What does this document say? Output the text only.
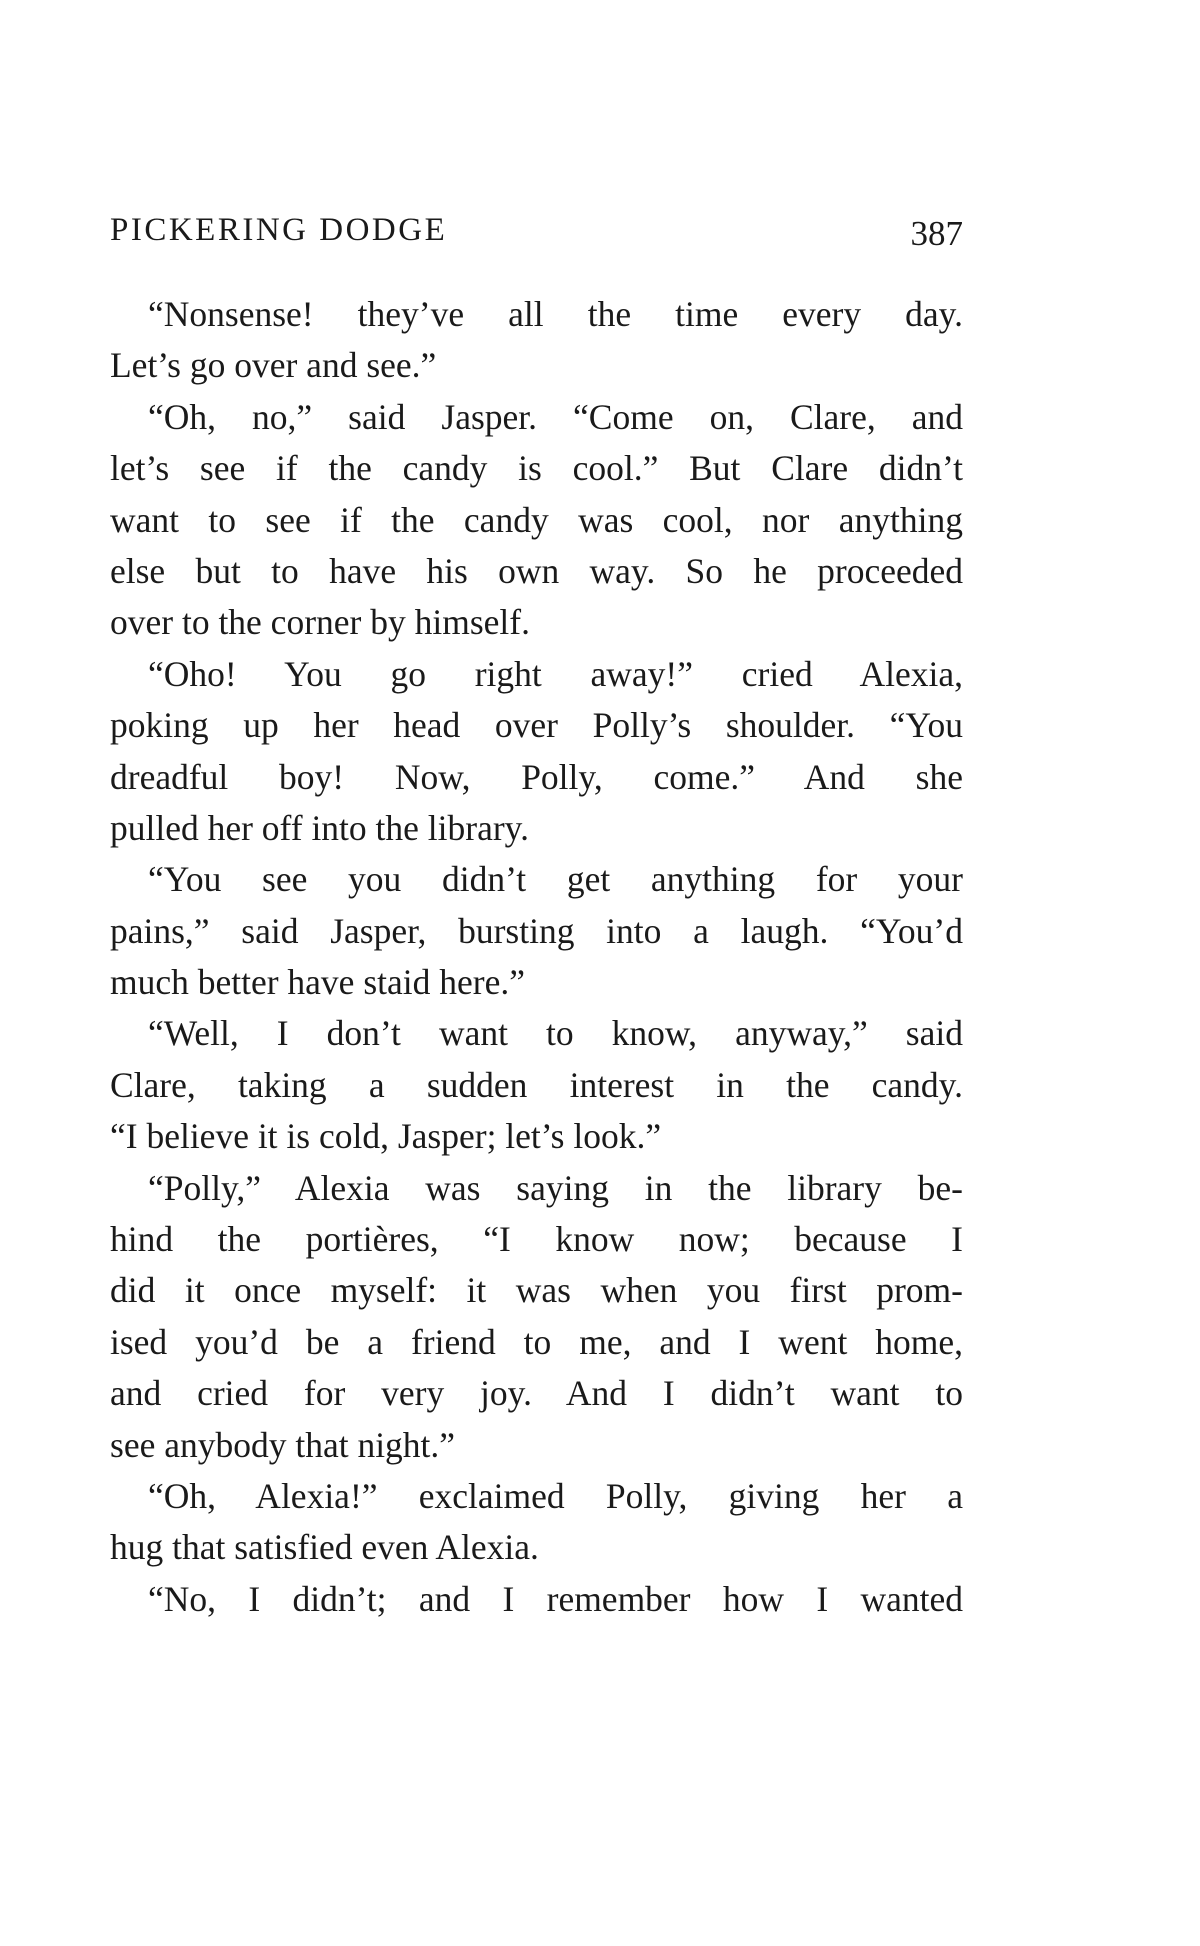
PICKERING DODGE	387
“Nonsense! they’ve all the time every day.
Let’s go over and see.”
“Oh, no,” said Jasper. “Come on, Clare, and
let’s see if the candy is cool.” But Clare didn’t
want to see if the candy was cool, nor anything
else but to have his own way. So he proceeded
over to the corner by himself.
“Oho! You go right away!” cried Alexia,
poking up her head over Polly’s shoulder. “You
dreadful boy! Now, Polly, come.” And she
pulled her off into the library.
“You see you didn’t get anything for your
pains,” said Jasper, bursting into a laugh. “You’d
much better have staid here.”
“Well, I don’t want to know, anyway,” said
Clare, taking a sudden interest in the candy.
“I believe it is cold, Jasper; let’s look.”
“Polly,” Alexia was saying in the library be-
hind the portières, “I know now; because I
did it once myself: it was when you first prom-
ised you’d be a friend to me, and I went home,
and cried for very joy. And I didn’t want to
see anybody that night.”
“Oh, Alexia!” exclaimed Polly, giving her a
hug that satisfied even Alexia.
“No, I didn’t; and I remember how I wanted
